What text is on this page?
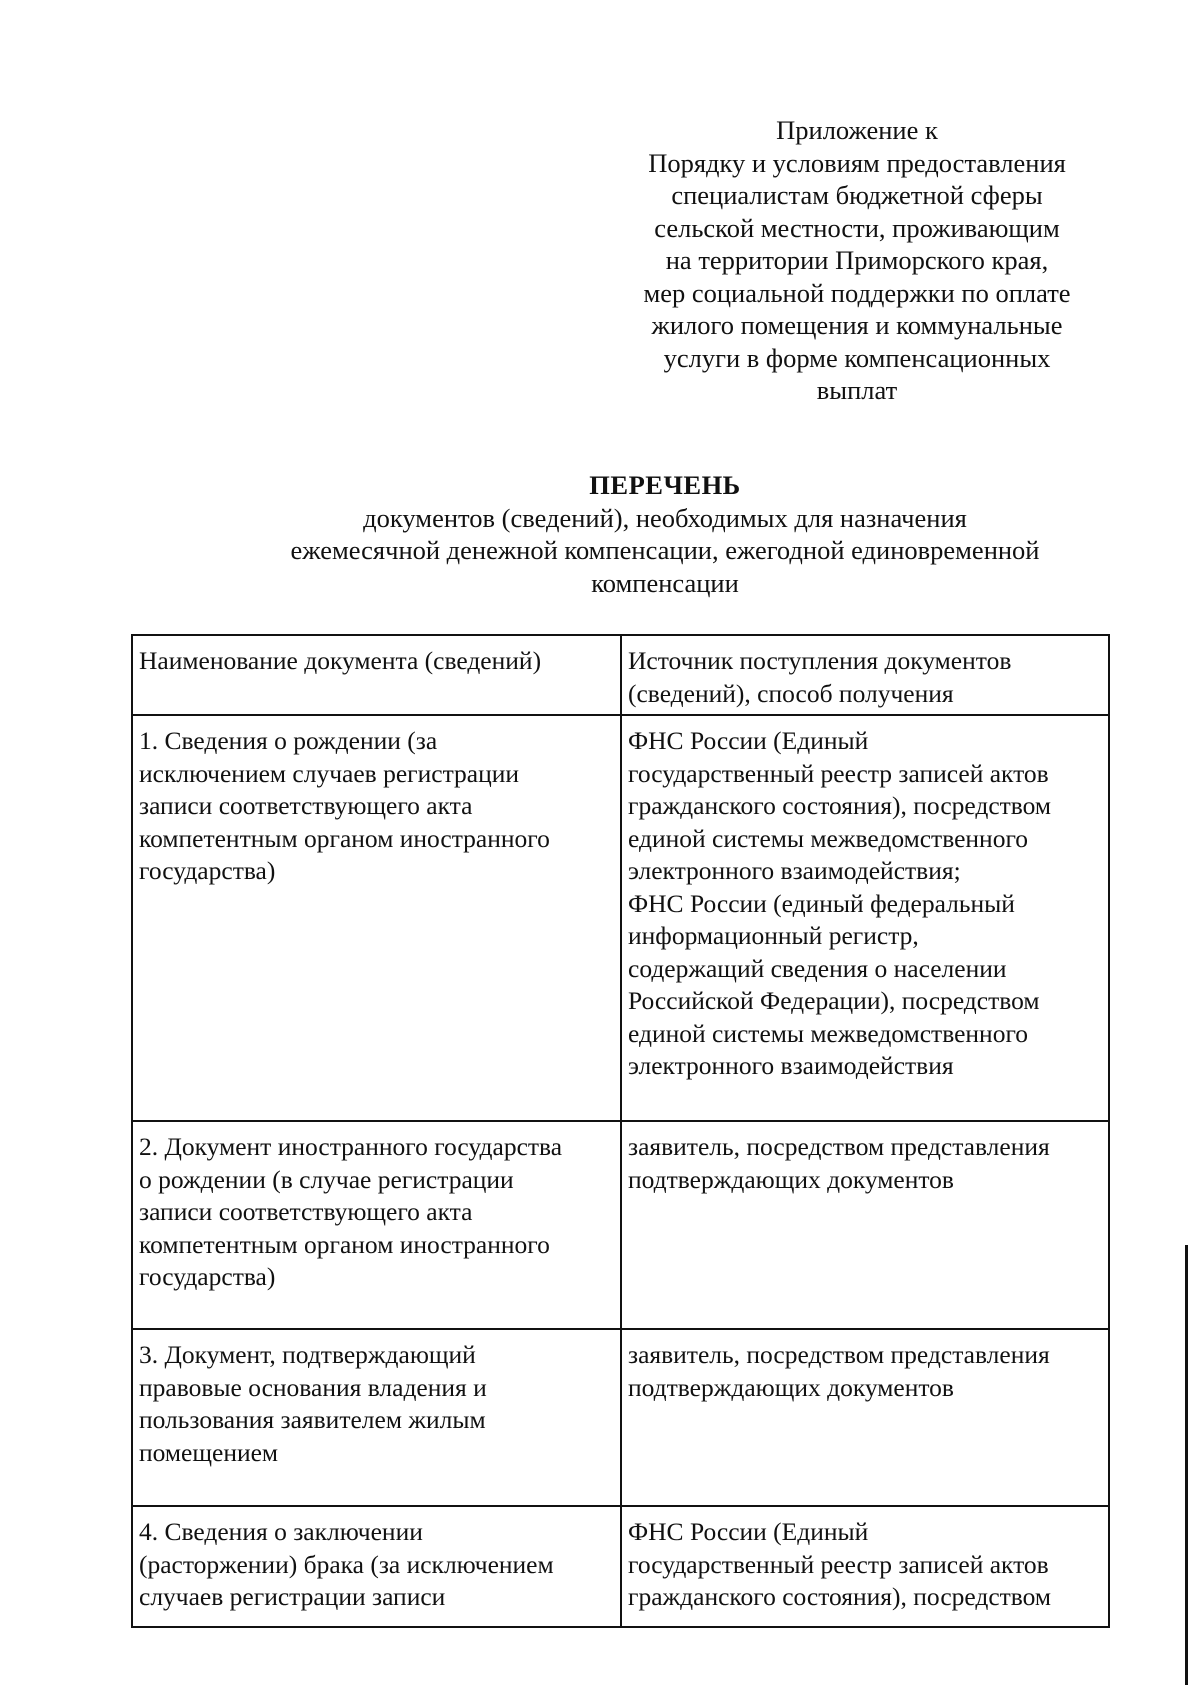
Приложение к
Порядку и условиям предоставления
специалистам бюджетной сферы
сельской местности, проживающим
на территории Приморского края,
мер социальной поддержки по оплате
жилого помещения и коммунальные
услуги в форме компенсационных
выплат
ПЕРЕЧЕНЬ
документов (сведений), необходимых для назначения
ежемесячной денежной компенсации, ежегодной единовременной
компенсации
Наименование документа (сведений)	Источник поступления документов
(сведений), способ получения
1. Сведения о рождении (за
исключением случаев регистрации
записи соответствующего акта
компетентным органом иностранного
государства)
ФНС России (Единый
государственный реестр записей актов
гражданского состояния), посредством
единой системы межведомственного
электронного взаимодействия;
ФНС России (единый федеральный
информационный регистр,
содержащий сведения о населении
Российской Федерации), посредством
единой системы межведомственного
электронного взаимодействия
2. Документ иностранного государства
о рождении (в случае регистрации
записи соответствующего акта
компетентным органом иностранного
государства)
заявитель, посредством представления
подтверждающих документов
3. Документ, подтверждающий
правовые основания владения и
пользования заявителем жилым
помещением
заявитель, посредством представления
подтверждающих документов
4. Сведения о заключении
(расторжении) брака (за исключением
случаев регистрации записи
ФНС России (Единый
государственный реестр записей актов
гражданского состояния), посредством
